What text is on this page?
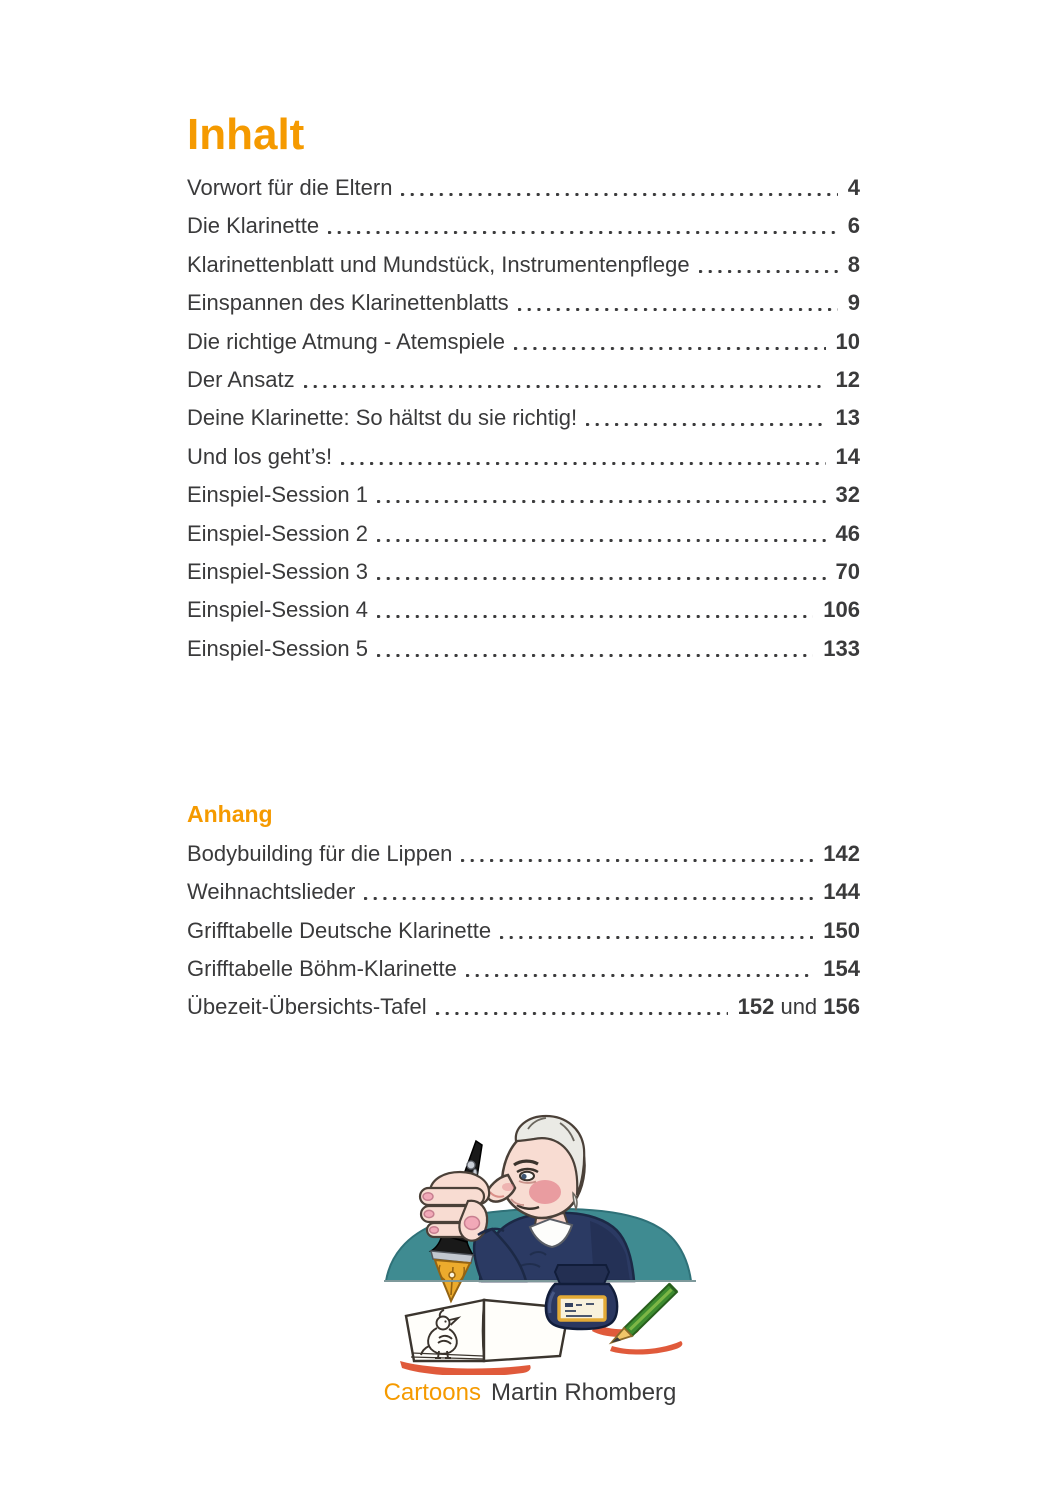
Inhalt
Vorwort für die Eltern	4
Die Klarinette	6
Klarinettenblatt und Mundstück, Instrumentenpflege	8
Einspannen des Klarinettenblatts	9
Die richtige Atmung - Atemspiele	10
Der Ansatz	12
Deine Klarinette: So hältst du sie richtig!	13
Und los geht’s!	14
Einspiel-Session 1	32
Einspiel-Session 2	46
Einspiel-Session 3	70
Einspiel-Session 4	106
Einspiel-Session 5	133
Anhang
Bodybuilding für die Lippen	142
Weihnachtslieder	144
Grifftabelle Deutsche Klarinette	150
Grifftabelle Böhm-Klarinette	154
Übezeit-Übersichts-Tafel	152 und 156
Cartoons Martin Rhomberg
